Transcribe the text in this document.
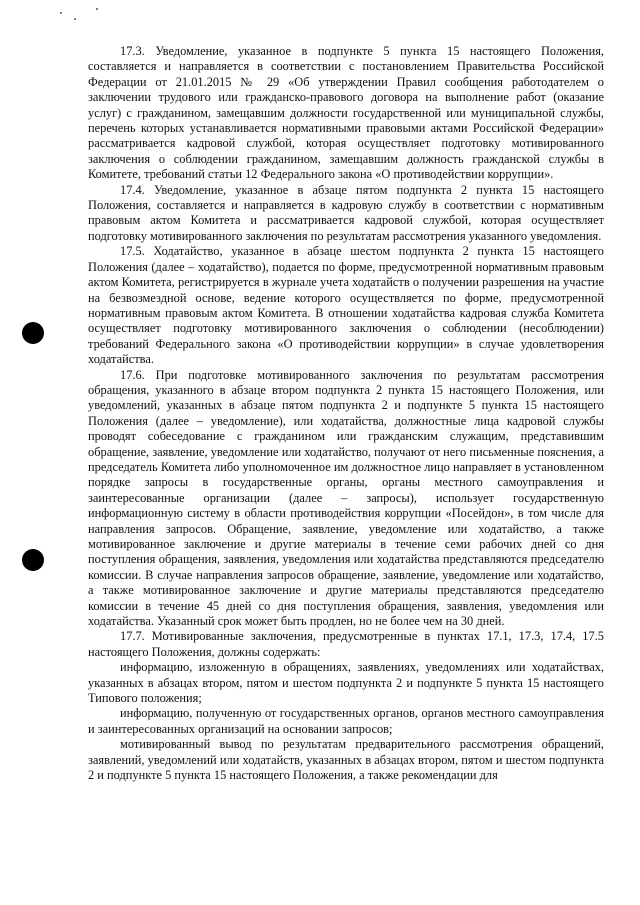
17.3. Уведомление, указанное в подпункте 5 пункта 15 настоящего Положения, составляется и направляется в соответствии с постановлением Правительства Российской Федерации от 21.01.2015 № 29 «Об утверждении Правил сообщения работодателем о заключении трудового или гражданско-правового договора на выполнение работ (оказание услуг) с гражданином, замещавшим должности государственной или муниципальной службы, перечень которых устанавливается нормативными правовыми актами Российской Федерации» рассматривается кадровой службой, которая осуществляет подготовку мотивированного заключения о соблюдении гражданином, замещавшим должность гражданской службы в Комитете, требований статьи 12 Федерального закона «О противодействии коррупции».

17.4. Уведомление, указанное в абзаце пятом подпункта 2 пункта 15 настоящего Положения, составляется и направляется в кадровую службу в соответствии с нормативным правовым актом Комитета и рассматривается кадровой службой, которая осуществляет подготовку мотивированного заключения по результатам рассмотрения указанного уведомления.

17.5. Ходатайство, указанное в абзаце шестом подпункта 2 пункта 15 настоящего Положения (далее – ходатайство), подается по форме, предусмотренной нормативным правовым актом Комитета, регистрируется в журнале учета ходатайств о получении разрешения на участие на безвозмездной основе, ведение которого осуществляется по форме, предусмотренной нормативным правовым актом Комитета. В отношении ходатайства кадровая служба Комитета осуществляет подготовку мотивированного заключения о соблюдении (несоблюдении) требований Федерального закона «О противодействии коррупции» в случае удовлетворения ходатайства.

17.6. При подготовке мотивированного заключения по результатам рассмотрения обращения, указанного в абзаце втором подпункта 2 пункта 15 настоящего Положения, или уведомлений, указанных в абзаце пятом подпункта 2 и подпункте 5 пункта 15 настоящего Положения (далее – уведомление), или ходатайства, должностные лица кадровой службы проводят собеседование с гражданином или гражданским служащим, представившим обращение, заявление, уведомление или ходатайство, получают от него письменные пояснения, а председатель Комитета либо уполномоченное им должностное лицо направляет в установленном порядке запросы в государственные органы, органы местного самоуправления и заинтересованные организации (далее – запросы), использует государственную информационную систему в области противодействия коррупции «Посейдон», в том числе для направления запросов. Обращение, заявление, уведомление или ходатайство, а также мотивированное заключение и другие материалы в течение семи рабочих дней со дня поступления обращения, заявления, уведомления или ходатайства представляются председателю комиссии. В случае направления запросов обращение, заявление, уведомление или ходатайство, а также мотивированное заключение и другие материалы представляются председателю комиссии в течение 45 дней со дня поступления обращения, заявления, уведомления или ходатайства. Указанный срок может быть продлен, но не более чем на 30 дней.

17.7. Мотивированные заключения, предусмотренные в пунктах 17.1, 17.3, 17.4, 17.5 настоящего Положения, должны содержать:

информацию, изложенную в обращениях, заявлениях, уведомлениях или ходатайствах, указанных в абзацах втором, пятом и шестом подпункта 2 и подпункте 5 пункта 15 настоящего Типового положения;

информацию, полученную от государственных органов, органов местного самоуправления и заинтересованных организаций на основании запросов;

мотивированный вывод по результатам предварительного рассмотрения обращений, заявлений, уведомлений или ходатайств, указанных в абзацах втором, пятом и шестом подпункта 2 и подпункте 5 пункта 15 настоящего Положения, а также рекомендации для
